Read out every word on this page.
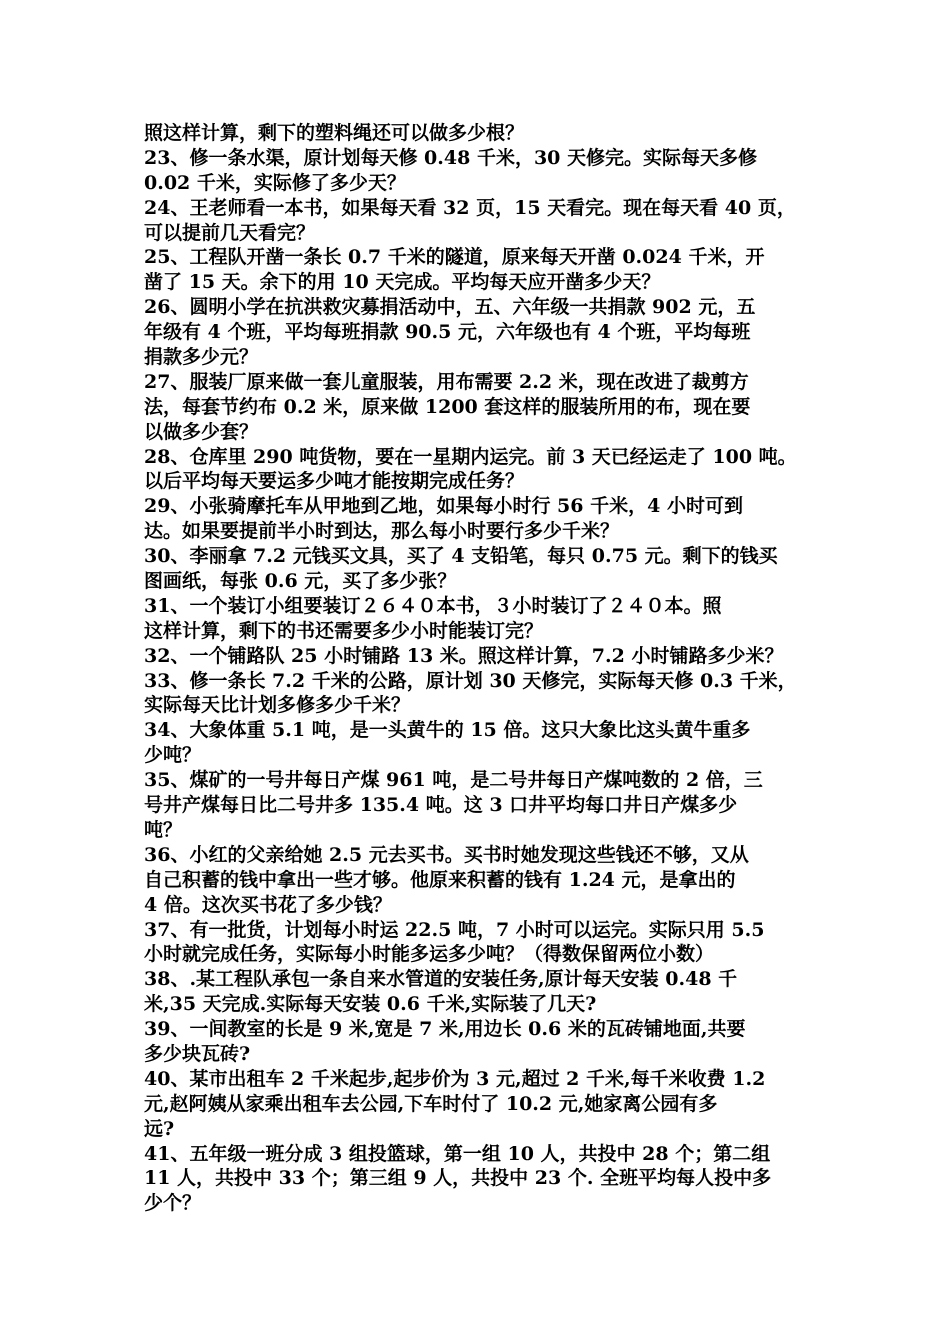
照这样计算，剩下的塑料绳还可以做多少根？
23、修一条水渠，原计划每天修 0.48 千米，30 天修完。实际每天多修
0.02 千米，实际修了多少天？
24、王老师看一本书，如果每天看 32 页，15 天看完。现在每天看 40 页，
可以提前几天看完？
25、工程队开凿一条长 0.7 千米的隧道，原来每天开凿 0.024 千米，开
凿了 15 天。余下的用 10 天完成。平均每天应开凿多少天？
26、圆明小学在抗洪救灾募捐活动中，五、六年级一共捐款 902 元，五
年级有 4 个班，平均每班捐款 90.5 元，六年级也有 4 个班，平均每班
捐款多少元？
27、服装厂原来做一套儿童服装，用布需要 2.2 米，现在改进了裁剪方
法，每套节约布 0.2 米，原来做 1200 套这样的服装所用的布，现在要
以做多少套？
28、仓库里 290 吨货物，要在一星期内运完。前 3 天已经运走了 100 吨。
以后平均每天要运多少吨才能按期完成任务？
29、小张骑摩托车从甲地到乙地，如果每小时行 56 千米，4 小时可到
达。如果要提前半小时到达，那么每小时要行多少千米？
30、李丽拿 7.2 元钱买文具，买了 4 支铅笔，每只 0.75 元。剩下的钱买
图画纸，每张 0.6 元，买了多少张？
31、一个装订小组要装订２６４０本书，３小时装订了２４０本。照
这样计算，剩下的书还需要多少小时能装订完？
32、一个铺路队 25 小时铺路 13 米。照这样计算，7.2 小时铺路多少米？
33、修一条长 7.2 千米的公路，原计划 30 天修完，实际每天修 0.3 千米，
实际每天比计划多修多少千米？
34、大象体重 5.1 吨，是一头黄牛的 15 倍。这只大象比这头黄牛重多
少吨？
35、煤矿的一号井每日产煤 961 吨，是二号井每日产煤吨数的 2 倍，三
号井产煤每日比二号井多 135.4 吨。这 3 口井平均每口井日产煤多少
吨？
36、小红的父亲给她 2.5 元去买书。买书时她发现这些钱还不够，又从
自己积蓄的钱中拿出一些才够。他原来积蓄的钱有 1.24 元，是拿出的
4 倍。这次买书花了多少钱？
37、有一批货，计划每小时运 22.5 吨，7 小时可以运完。实际只用 5.5
小时就完成任务，实际每小时能多运多少吨？（得数保留两位小数）
38、.某工程队承包一条自来水管道的安装任务,原计每天安装 0.48 千
米,35 天完成.实际每天安装 0.6 千米,实际装了几天?
39、一间教室的长是 9 米,宽是 7 米,用边长 0.6 米的瓦砖铺地面,共要
多少块瓦砖?
40、某市出租车 2 千米起步,起步价为 3 元,超过 2 千米,每千米收费 1.2
元,赵阿姨从家乘出租车去公园,下车时付了 10.2 元,她家离公园有多
远?
41、五年级一班分成 3 组投篮球，第一组 10 人，共投中 28 个；第二组
11 人，共投中 33 个；第三组 9 人，共投中 23 个. 全班平均每人投中多
少个？
